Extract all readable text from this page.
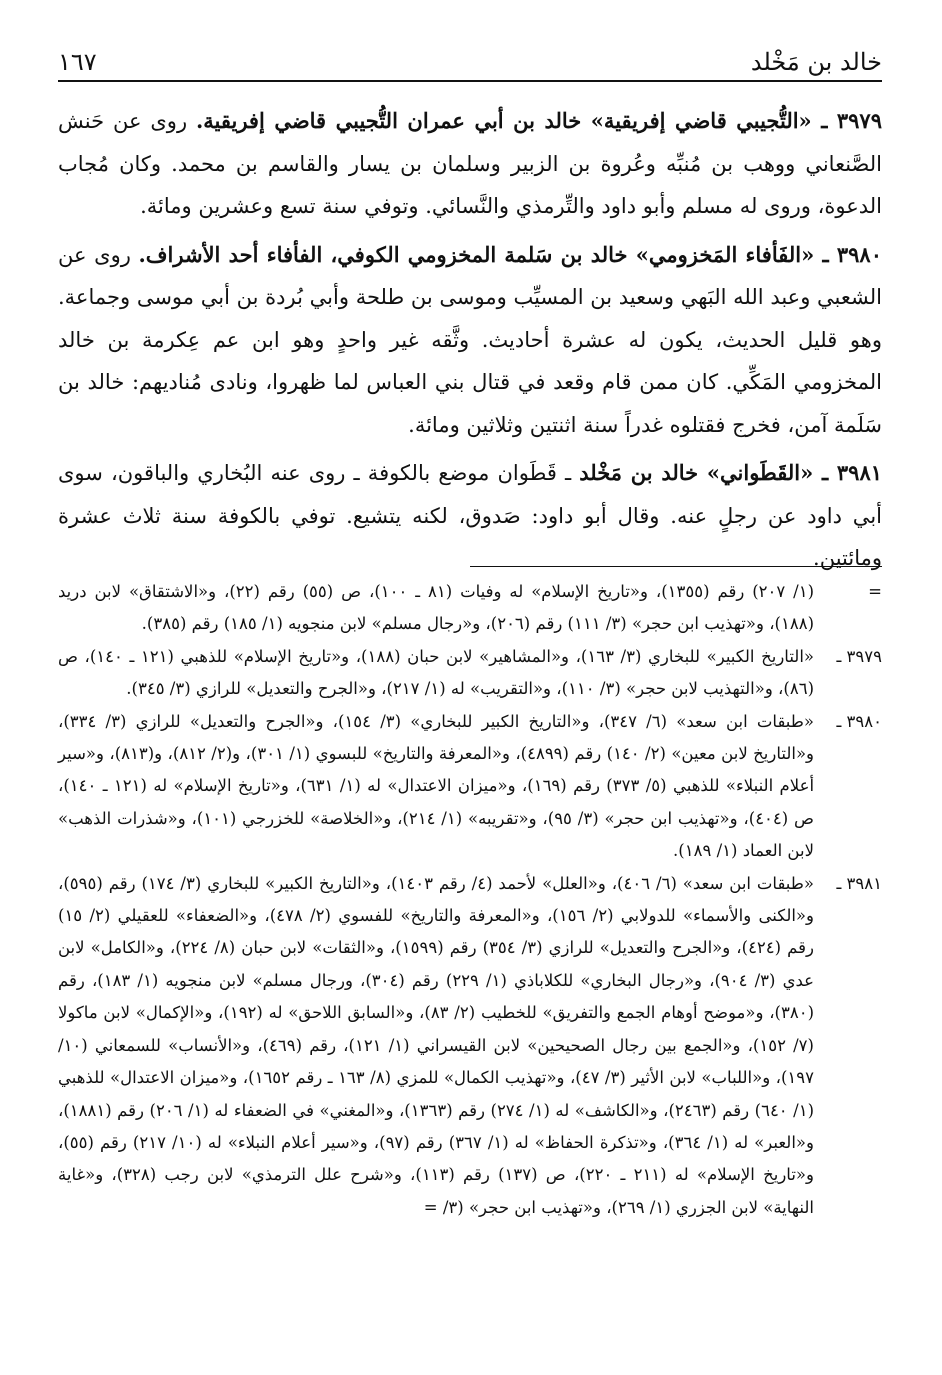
خالد بن مَخْلد
١٦٧

٣٩٧٩ ـ «التُّجيبي قاضي إفريقية» خالد بن أبي عمران التُّجيبي قاضي إفريقية. روى عن حَنش الصَّنعاني ووهب بن مُنبِّه وعُروة بن الزبير وسلمان بن يسار والقاسم بن محمد. وكان مُجاب الدعوة، وروى له مسلم وأبو داود والتِّرمذي والنَّسائي. وتوفي سنة تسع وعشرين ومائة.

٣٩٨٠ ـ «الفَأفاء المَخزومي» خالد بن سَلمة المخزومي الكوفي، الفأفاء أحد الأشراف. روى عن الشعبي وعبد الله البَهي وسعيد بن المسيِّب وموسى بن طلحة وأبي بُردة بن أبي موسى وجماعة. وهو قليل الحديث، يكون له عشرة أحاديث. وثَّقه غير واحدٍ وهو ابن عم عِكرمة بن خالد المخزومي المَكِّي. كان ممن قام وقعد في قتال بني العباس لما ظهروا، ونادى مُناديهم: خالد بن سَلَمة آمن، فخرج فقتلوه غدراً سنة اثنتين وثلاثين ومائة.

٣٩٨١ ـ «القَطَواني» خالد بن مَخْلد ـ قَطَوان موضع بالكوفة ـ روى عنه البُخاري والباقون، سوى أبي داود عن رجلٍ عنه. وقال أبو داود: صَدوق، لكنه يتشيع. توفي بالكوفة سنة ثلاث عشرة ومائتين.

=
(١/ ٢٠٧) رقم (١٣٥٥)، و«تاريخ الإسلام» له وفيات (٨١ ـ ١٠٠)، ص (٥٥) رقم (٢٢)، و«الاشتقاق» لابن دريد (١٨٨)، و«تهذيب ابن حجر» (٣/ ١١١) رقم (٢٠٦)، و«رجال مسلم» لابن منجويه (١/ ١٨٥) رقم (٣٨٥).
٣٩٧٩ ـ
«التاريخ الكبير» للبخاري (٣/ ١٦٣)، و«المشاهير» لابن حبان (١٨٨)، و«تاريخ الإسلام» للذهبي (١٢١ ـ ١٤٠)، ص (٨٦)، و«التهذيب لابن حجر» (٣/ ١١٠)، و«التقريب» له (١/ ٢١٧)، و«الجرح والتعديل» للرازي (٣/ ٣٤٥).
٣٩٨٠ ـ
«طبقات ابن سعد» (٦/ ٣٤٧)، و«التاريخ الكبير للبخاري» (٣/ ١٥٤)، و«الجرح والتعديل» للرازي (٣/ ٣٣٤)، و«التاريخ لابن معين» (٢/ ١٤٠) رقم (٤٨٩٩)، و«المعرفة والتاريخ» للبسوي (١/ ٣٠١)، و(٢/ ٨١٢)، و(٨١٣)، و«سير أعلام النبلاء» للذهبي (٥/ ٣٧٣) رقم (١٦٩)، و«ميزان الاعتدال» له (١/ ٦٣١)، و«تاريخ الإسلام» له (١٢١ ـ ١٤٠)، ص (٤٠٤)، و«تهذيب ابن حجر» (٣/ ٩٥)، و«تقريبه» (١/ ٢١٤)، و«الخلاصة» للخزرجي (١٠١)، و«شذرات الذهب» لابن العماد (١/ ١٨٩).
٣٩٨١ ـ
«طبقات ابن سعد» (٦/ ٤٠٦)، و«العلل» لأحمد (٤/ رقم ١٤٠٣)، و«التاريخ الكبير» للبخاري (٣/ ١٧٤) رقم (٥٩٥)، و«الكنى والأسماء» للدولابي (٢/ ١٥٦)، و«المعرفة والتاريخ» للفسوي (٢/ ٤٧٨)، و«الضعفاء» للعقيلي (٢/ ١٥) رقم (٤٢٤)، و«الجرح والتعديل» للرازي (٣/ ٣٥٤) رقم (١٥٩٩)، و«الثقات» لابن حبان (٨/ ٢٢٤)، و«الكامل» لابن عدي (٣/ ٩٠٤)، و«رجال البخاري» للكلاباذي (١/ ٢٢٩) رقم (٣٠٤)، ورجال مسلم» لابن منجويه (١/ ١٨٣)، رقم (٣٨٠)، و«موضح أوهام الجمع والتفريق» للخطيب (٢/ ٨٣)، و«السابق اللاحق» له (١٩٢)، و«الإكمال» لابن ماكولا (٧/ ١٥٢)، و«الجمع بين رجال الصحيحين» لابن القيسراني (١/ ١٢١)، رقم (٤٦٩)، و«الأنساب» للسمعاني (١٠/ ١٩٧)، و«اللباب» لابن الأثير (٣/ ٤٧)، و«تهذيب الكمال» للمزي (٨/ ١٦٣ ـ رقم ١٦٥٢)، و«ميزان الاعتدال» للذهبي (١/ ٦٤٠) رقم (٢٤٦٣)، و«الكاشف» له (١/ ٢٧٤) رقم (١٣٦٣)، و«المغني» في الضعفاء له (١/ ٢٠٦) رقم (١٨٨١)، و«العبر» له (١/ ٣٦٤)، و«تذكرة الحفاظ» له (١/ ٣٦٧) رقم (٩٧)، و«سير أعلام النبلاء» له (١٠/ ٢١٧) رقم (٥٥)، و«تاريخ الإسلام» له (٢١١ ـ ٢٢٠)، ص (١٣٧) رقم (١١٣)، و«شرح علل الترمذي» لابن رجب (٣٢٨)، و«غاية النهاية» لابن الجزري (١/ ٢٦٩)، و«تهذيب ابن حجر» (٣/ =
